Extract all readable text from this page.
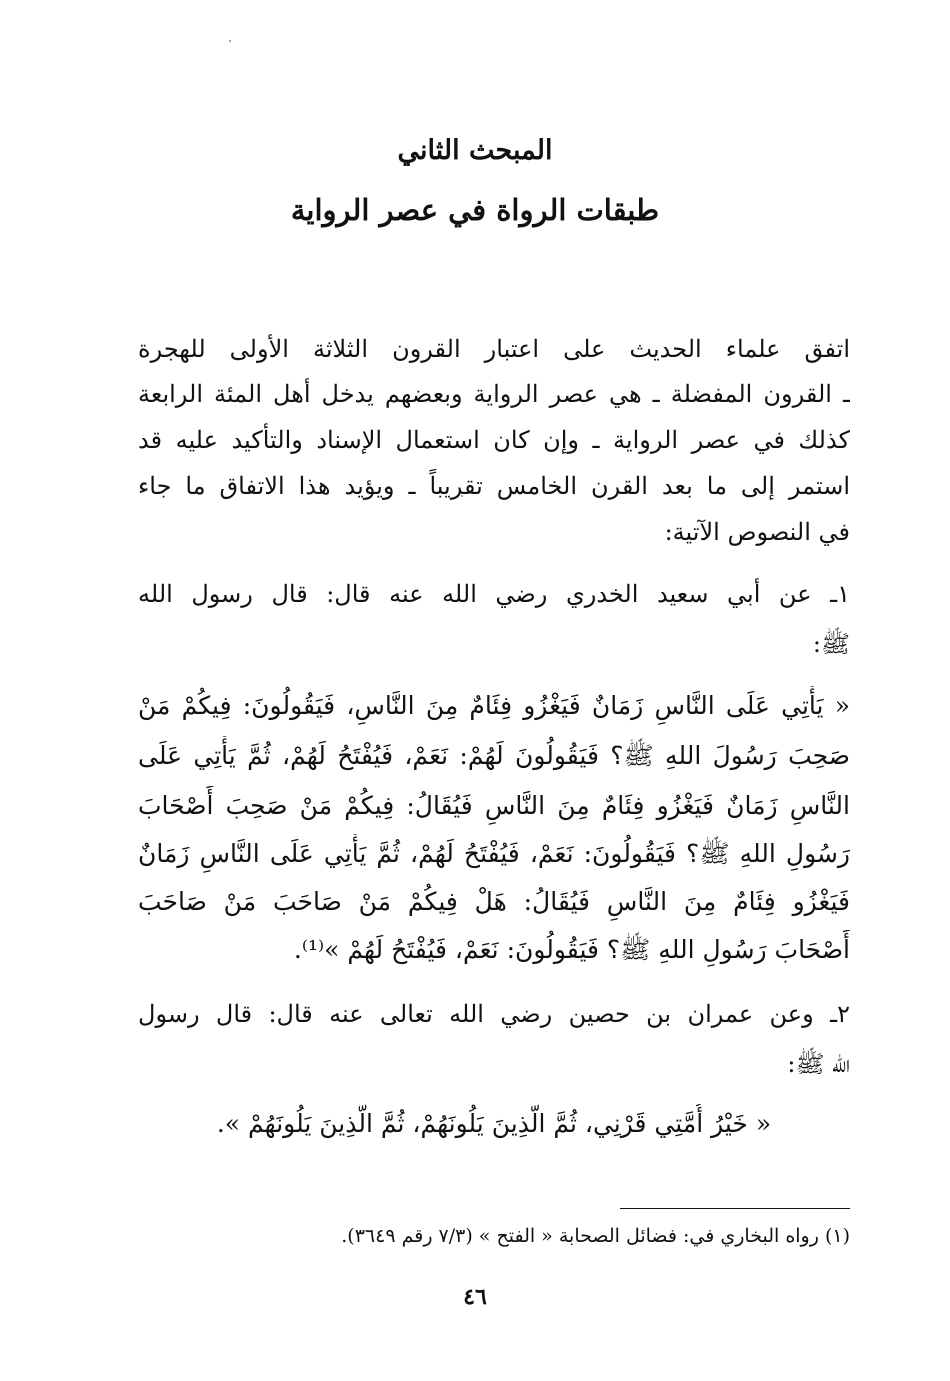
المبحث الثاني
طبقات الرواة في عصر الرواية
اتفق علماء الحديث على اعتبار القرون الثلاثة الأولى للهجرة
ـ القرون المفضلة ـ هي عصر الرواية وبعضهم يدخل أهل المئة الرابعة
كذلك في عصر الرواية ـ وإن كان استعمال الإسناد والتأكيد عليه قد
استمر إلى ما بعد القرن الخامس تقريباً ـ ويؤيد هذا الاتفاق ما جاء
في النصوص الآتية:
١ـ عن أبي سعيد الخدري رضي الله عنه قال: قال رسول الله
ﷺ:
« يَأْتِي عَلَى النَّاسِ زَمَانٌ فَيَغْزُو فِئَامٌ مِنَ النَّاسِ، فَيَقُولُونَ: فِيكُمْ مَنْ
صَحِبَ رَسُولَ اللهِ ﷺ؟ فَيَقُولُونَ لَهُمْ: نَعَمْ، فَيُفْتَحُ لَهُمْ، ثُمَّ يَأْتِي عَلَى
النَّاسِ زَمَانٌ فَيَغْزُو فِئَامٌ مِنَ النَّاسِ فَيُقَالُ: فِيكُمْ مَنْ صَحِبَ أَصْحَابَ
رَسُولِ اللهِ ﷺ؟ فَيَقُولُونَ: نَعَمْ، فَيُفْتَحُ لَهُمْ، ثُمَّ يَأْتِي عَلَى النَّاسِ زَمَانٌ
فَيَغْزُو فِئَامٌ مِنَ النَّاسِ فَيُقَالُ: هَلْ فِيكُمْ مَنْ صَاحَبَ مَنْ صَاحَبَ
أَصْحَابَ رَسُولِ اللهِ ﷺ؟ فَيَقُولُونَ: نَعَمْ، فَيُفْتَحُ لَهُمْ »⁽¹⁾.
٢ـ وعن عمران بن حصين رضي الله تعالى عنه قال: قال رسول
الله ﷺ:
« خَيْرُ أُمَّتِي قَرْنِي، ثُمَّ الَّذِينَ يَلُونَهُمْ، ثُمَّ الَّذِينَ يَلُونَهُمْ ».
(١) رواه البخاري في: فضائل الصحابة « الفتح » (٧/٣ رقم ٣٦٤٩).
٤٦
